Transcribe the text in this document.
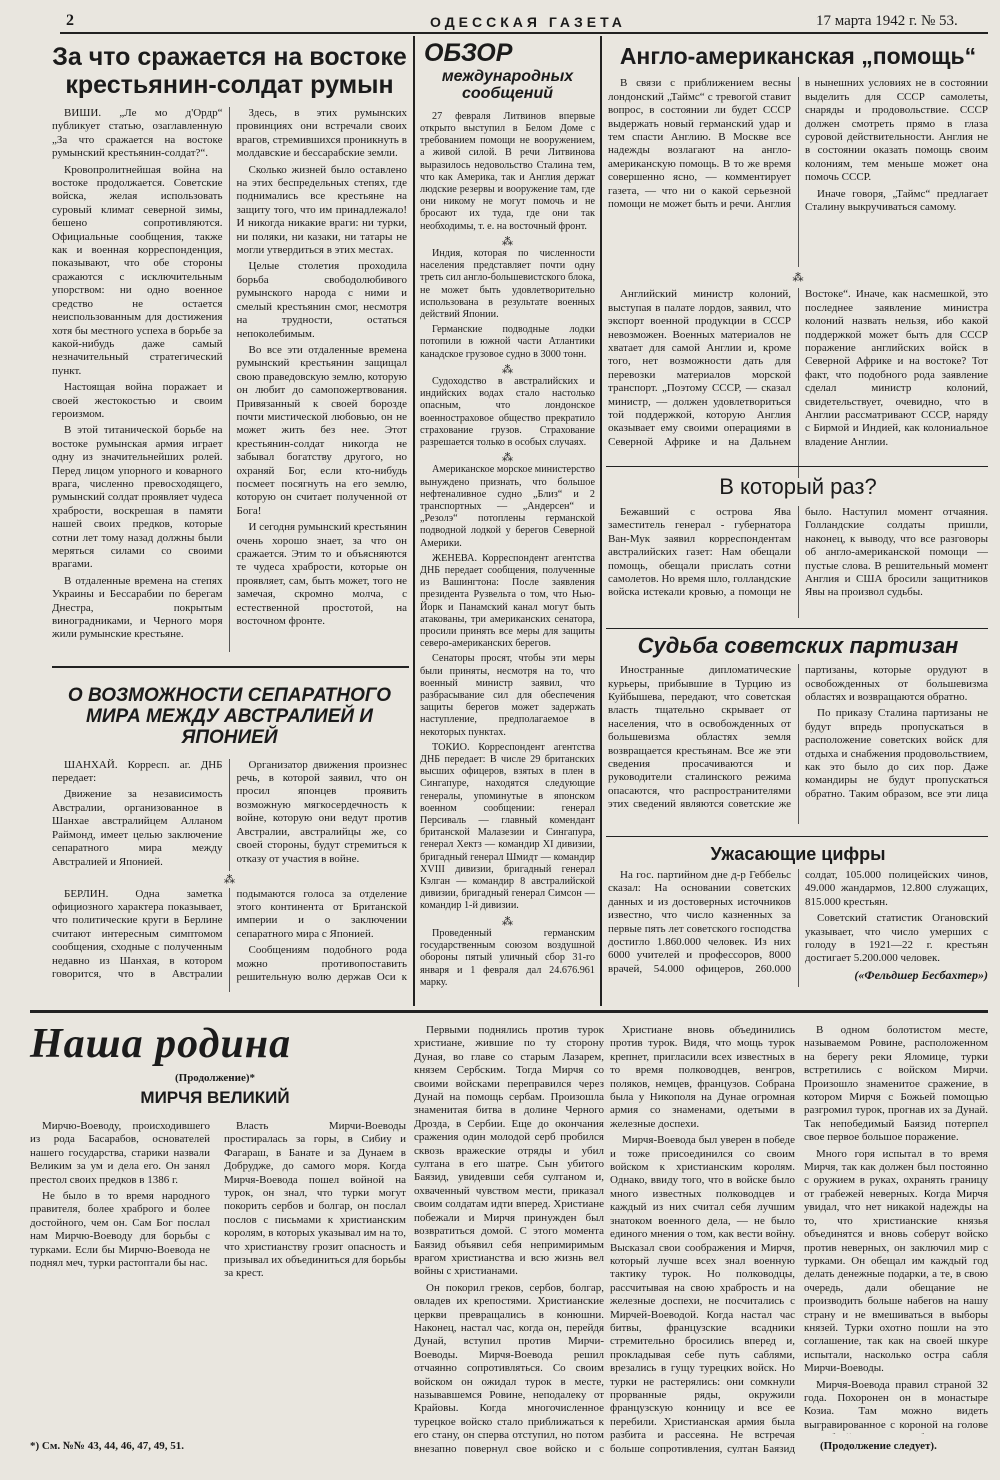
2	ОДЕССКАЯ ГАЗЕТА	17 марта 1942 г. № 53.
За что сражается на востоке крестьянин-солдат румын

ВИШИ. „Ле мо д'Ордр“ публикует статью, озаглавленную „За что сражается на востоке румынский крестьянин-солдат?“.

Кровопролитнейшая война на востоке продолжается. Советские войска, желая использовать суровый климат северной зимы, бешено сопротивляются. Официальные сообщения, также как и военная корреспонденция, показывают, что обе стороны сражаются с исключительным упорством: ни одно военное средство не остается неиспользованным для достижения хотя бы местного успеха в борьбе за какой-нибудь даже самый незначительный стратегический пункт.

Настоящая война поражает и своей жестокостью и своим героизмом.

В этой титанической борьбе на востоке румынская армия играет одну из значительнейших ролей. Перед лицом упорного и коварного врага, численно превосходящего, румынский солдат проявляет чудеса храбрости, воскрешая в памяти нашей своих предков, которые сотни лет тому назад должны были меряться силами со своими врагами.

В отдаленные времена на степях Украины и Бессарабии по берегам Днестра, покрытым виноградниками, и Черного моря жили румынские крестьяне.

Здесь, в этих румынских провинциях они встречали своих врагов, стремившихся проникнуть в молдавские и бессарабские земли.

Сколько жизней было оставлено на этих беспредельных степях, где поднимались все крестьяне на защиту того, что им принадлежало! И никогда никакие враги: ни турки, ни поляки, ни казаки, ни татары не могли утвердиться в этих местах.

Целые столетия проходила борьба свободолюбивого румынского народа с ними и смелый крестьянин смог, несмотря на трудности, остаться непоколебимым.

Во все эти отдаленные времена румынский крестьянин защищал свою праведовскую землю, которую он любит до самопожертвования. Привязанный к своей борозде почти мистической любовью, он не может жить без нее. Этот крестьянин-солдат никогда не забывал богатству другого, но охраняй Бог, если кто-нибудь посмеет посягнуть на его землю, которую он считает полученной от Бога!

И сегодня румынский крестьянин очень хорошо знает, за что он сражается. Этим то и объясняются те чудеса храбрости, которые он проявляет, сам, быть может, того не замечая, скромно молча, с естественной простотой, на восточном фронте.

ОБЗОР
международных сообщений

27 февраля Литвинов впервые открыто выступил в Белом Доме с требованием помощи не вооружением, а живой силой. В речи Литвинова выразилось недовольство Сталина тем, что как Америка, так и Англия держат людские резервы и вооружение там, где они никому не могут помочь и не бросают их туда, где они так необходимы, т. е. на восточный фронт.

⁂

Индия, которая по численности населения представляет почти одну треть сил англо-большевистского блока, не может быть удовлетворительно использована в результате военных действий Японии.

Германские подводные лодки потопили в южной части Атлантики канадское грузовое судно в 3000 тонн.

⁂

Судоходство в австралийских и индийских водах стало настолько опасным, что лондонское военностраховое общество прекратило страхование грузов. Страхование разрешается только в особых случаях.

⁂

Американское морское министерство вынуждено признать, что большое нефтеналивное судно „Близ“ и 2 транспортных — „Андерсен“ и „Резолэ“ потоплены германской подводной лодкой у берегов Северной Америки.

ЖЕНЕВА. Корреспондент агентства ДНБ передает сообщения, полученные из Вашингтона: После заявления президента Рузвельта о том, что Нью-Йорк и Панамский канал могут быть атакованы, три американских сенатора, просили принять все меры для защиты северо-американских берегов.

Сенаторы просят, чтобы эти меры были приняты, несмотря на то, что военный министр заявил, что разбрасывание сил для обеспечения защиты берегов может задержать наступление, предполагаемое в некоторых пунктах.

ТОКИО. Корреспондент агентства ДНБ передает: В числе 29 британских высших офицеров, взятых в плен в Сингапуре, находятся следующие генералы, упоминутые в японском военном сообщении: генерал Персиваль — главный комендант британской Малазезии и Сингапура, генерал Хектз — командир XI дивизии, бригадный генерал Шмидт — командир XVIII дивизии, бригадный генерал Кэлган — командир 8 австралийской дивизии, бригадный генерал Симсон — командир 1-й дивизии.

⁂

Проведенный германским государственным союзом воздушной обороны пятый уличный сбор 31-го января и 1 февраля дал 24.676.961 марку.

Англо-американская „помощь“

В связи с приближением весны лондонский „Таймс“ с тревогой ставит вопрос, в состоянии ли будет СССР выдержать новый германский удар и тем спасти Англию. В Москве все надежды возлагают на англо-американскую помощь. В то же время совершенно ясно, — комментирует газета, — что ни о какой серьезной помощи не может быть и речи. Англия в нынешних условиях не в состоянии выделить для СССР самолеты, снаряды и продовольствие. СССР должен смотреть прямо в глаза суровой действительности. Англия не в состоянии оказать помощь своим колониям, тем меньше может она помочь СССР.

Иначе говоря, „Таймс“ предлагает Сталину выкручиваться самому.

⁂

Английский министр колоний, выступая в палате лордов, заявил, что экспорт военной продукции в СССР невозможен. Военных материалов не хватает для самой Англии и, кроме того, нет возможности дать для перевозки материалов морской транспорт. „Поэтому СССР, — сказал министр, — должен удовлетвориться той поддержкой, которую Англия оказывает ему своими операциями в Северной Африке и на Дальнем Востоке“. Иначе, как насмешкой, это последнее заявление министра колоний назвать нельзя, ибо какой поддержкой может быть для СССР поражение английских войск в Северной Африке и на востоке? Тот факт, что подобного рода заявление сделал министр колоний, свидетельствует, очевидно, что в Англии рассматривают СССР, наряду с Бирмой и Индией, как колониальное владение Англии.

В который раз?

Бежавший с острова Ява заместитель генерал - губернатора Ван-Мук заявил корреспондентам австралийских газет: Нам обещали помощь, обещали прислать сотни самолетов. Но время шло, голландские войска истекали кровью, а помощи не было. Наступил момент отчаяния. Голландские солдаты пришли, наконец, к выводу, что все разговоры об англо-американской помощи — пустые слова. В решительный момент Англия и США бросили защитников Явы на произвол судьбы.

Судьба советских партизан

Иностранные дипломатические курьеры, прибывшие в Турцию из Куйбышева, передают, что советская власть тщательно скрывает от населения, что в освобожденных от большевизма областях земля возвращается крестьянам. Все же эти сведения просачиваются и руководители сталинского режима опасаются, что распространителями этих сведений являются советские же партизаны, которые орудуют в освобожденных от большевизма областях и возвращаются обратно.

По приказу Сталина партизаны не будут впредь пропускаться в расположение советских войск для отдыха и снабжения продовольствием, как это было до сих пор. Даже командиры не будут пропускаться обратно. Таким образом, все эти лица

Ужасающие цифры

На гос. партийном дне д-р Геббельс сказал: На основании советских данных и из достоверных источников известно, что число казненных за первые пять лет советского господства достигло 1.860.000 человек. Из них 6000 учителей и профессоров, 8000 врачей, 54.000 офицеров, 260.000 солдат, 105.000 полицейских чинов, 49.000 жандармов, 12.800 служащих, 815.000 крестьян.

Советский статистик Огановский указывает, что число умерших с голоду в 1921—22 г. крестьян достигает 5.200.000 человек.

(«Фельдшер Бесбахтер»)
О ВОЗМОЖНОСТИ СЕПАРАТНОГО МИРА МЕЖДУ АВСТРАЛИЕЙ И ЯПОНИЕЙ

ШАНХАЙ. Корресп. аг. ДНБ передает:

Движение за независимость Австралии, организованное в Шанхае австралийцем Алланом Раймонд, имеет целью заключение сепаратного мира между Австралией и Японией.

Организатор движения произнес речь, в которой заявил, что он просил японцев проявить возможную мягкосердечность к войне, которую они ведут против Австралии, австралийцы же, со своей стороны, будут стремиться к отказу от участия в войне.

⁂

БЕРЛИН. Одна заметка официозного характера показывает, что политические круги в Берлине считают интересным симптомом сообщения, сходные с полученным недавно из Шанхая, в котором говорится, что в Австралии подымаются голоса за отделение этого континента от Британской империи и о заключении сепаратного мира с Японией.

Сообщениям подобного рода можно противопоставить решительную волю держав Оси к

Наша родина
(Продолжение)*
МИРЧЯ ВЕЛИКИЙ

Мирчю-Воеводу, происходившего из рода Басарабов, основателей нашего государства, старики назвали Великим за ум и дела его. Он занял престол своих предков в 1386 г.

Не было в то время народного правителя, более храброго и более достойного, чем он. Сам Бог послал нам Мирчю-Воеводу для борьбы с турками. Если бы Мирчю-Воевода не поднял меч, турки растоптали бы нас.

Власть Мирчи-Воеводы простиралась за горы, в Сибиу и Фагараш, в Банате и за Дунаем в Добрудже, до самого моря. Когда Мирчя-Воевода пошел войной на турок, он знал, что турки могут покорить сербов и болгар, он послал послов с письмами к христианским королям, в которых указывал им на то, что христианству грозит опасность и призывал их объединиться для борьбы за крест.

Первыми поднялись против турок христиане, жившие по ту сторону Дуная, во главе со старым Лазарем, князем Сербским. Тогда Мирчя со своими войсками переправился через Дунай на помощь сербам. Произошла знаменитая битва в долине Черного Дрозда, в Сербии. Еще до окончания сражения один молодой серб пробился сквозь вражеские отряды и убил султана в его шатре. Сын убитого Баязид, увидевши себя султаном и, охваченный чувством мести, приказал своим солдатам идти вперед. Христиане побежали и Мирчя принужден был возвратиться домой. С этого момента Баязид объявил себя непримиримым врагом христианства и всю жизнь вел войны с христианами.

Он покорил греков, сербов, болгар, овладев их крепостями. Христианские церкви превращались в конюшни. Наконец, настал час, когда он, перейдя Дунай, вступил против Мирчи-Воеводы. Мирчя-Воевода решил отчаянно сопротивляться. Со своим войском он ожидал турок в месте, называвшемся Ровине, неподалеку от Крайовы. Когда многочисленное турецкое войско стало приближаться к его стану, он сперва отступил, но потом внезапно повернул свое войско и с

Христиане вновь объединились против турок. Видя, что мощь турок крепнет, пригласили всех известных в то время полководцев, венгров, поляков, немцев, французов. Собрана была у Никополя на Дунае огромная армия со знаменами, одетыми в железные доспехи.

Мирчя-Воевода был уверен в победе и тоже присоединился со своим войском к христианским королям. Однако, ввиду того, что в войске было много известных полководцев и каждый из них считал себя лучшим знатоком военного дела, — не было единого мнения о том, как вести войну. Высказал свои соображения и Мирчя, который лучше всех знал военную тактику турок. Но полководцы, рассчитывая на свою храбрость и на железные доспехи, не посчитались с Мирчей-Воеводой. Когда настал час битвы, французские всадники стремительно бросились вперед и, прокладывая себе путь саблями, врезались в гущу турецких войск. Но турки не растерялись: они сомкнули прорванные ряды, окружили французскую конницу и все ее перебили. Христианская армия была разбита и рассеяна. Не встречая больше сопротивления, султан Баязид

В одном болотистом месте, называемом Ровине, расположенном на берегу реки Яломице, турки встретились с войском Мирчи. Произошло знаменитое сражение, в котором Мирчя с Божьей помощью разгромил турок, прогнав их за Дунай. Так непобедимый Баязид потерпел свое первое большое поражение.

Много горя испытал в то время Мирчя, так как должен был постоянно с оружием в руках, охранять границу от грабежей неверных. Когда Мирчя увидал, что нет никакой надежды на то, что христианские князья объединятся и вновь соберут войско против неверных, он заключил мир с турками. Он обещал им каждый год делать денежные подарки, а те, в свою очередь, дали обещание не производить больше набегов на нашу страну и не вмешиваться в выборы князей. Турки охотно пошли на это соглашение, так как на своей шкуре испытали, насколько остра сабля Мирчи-Воеводы.

Мирчя-Воевода правил страной 32 года. Похоронен он в монастыре Козиа. Там можно видеть выгравированное с короной на голове

*) См. №№ 43, 44, 46, 47, 49, 51.	(Продолжение следует).
